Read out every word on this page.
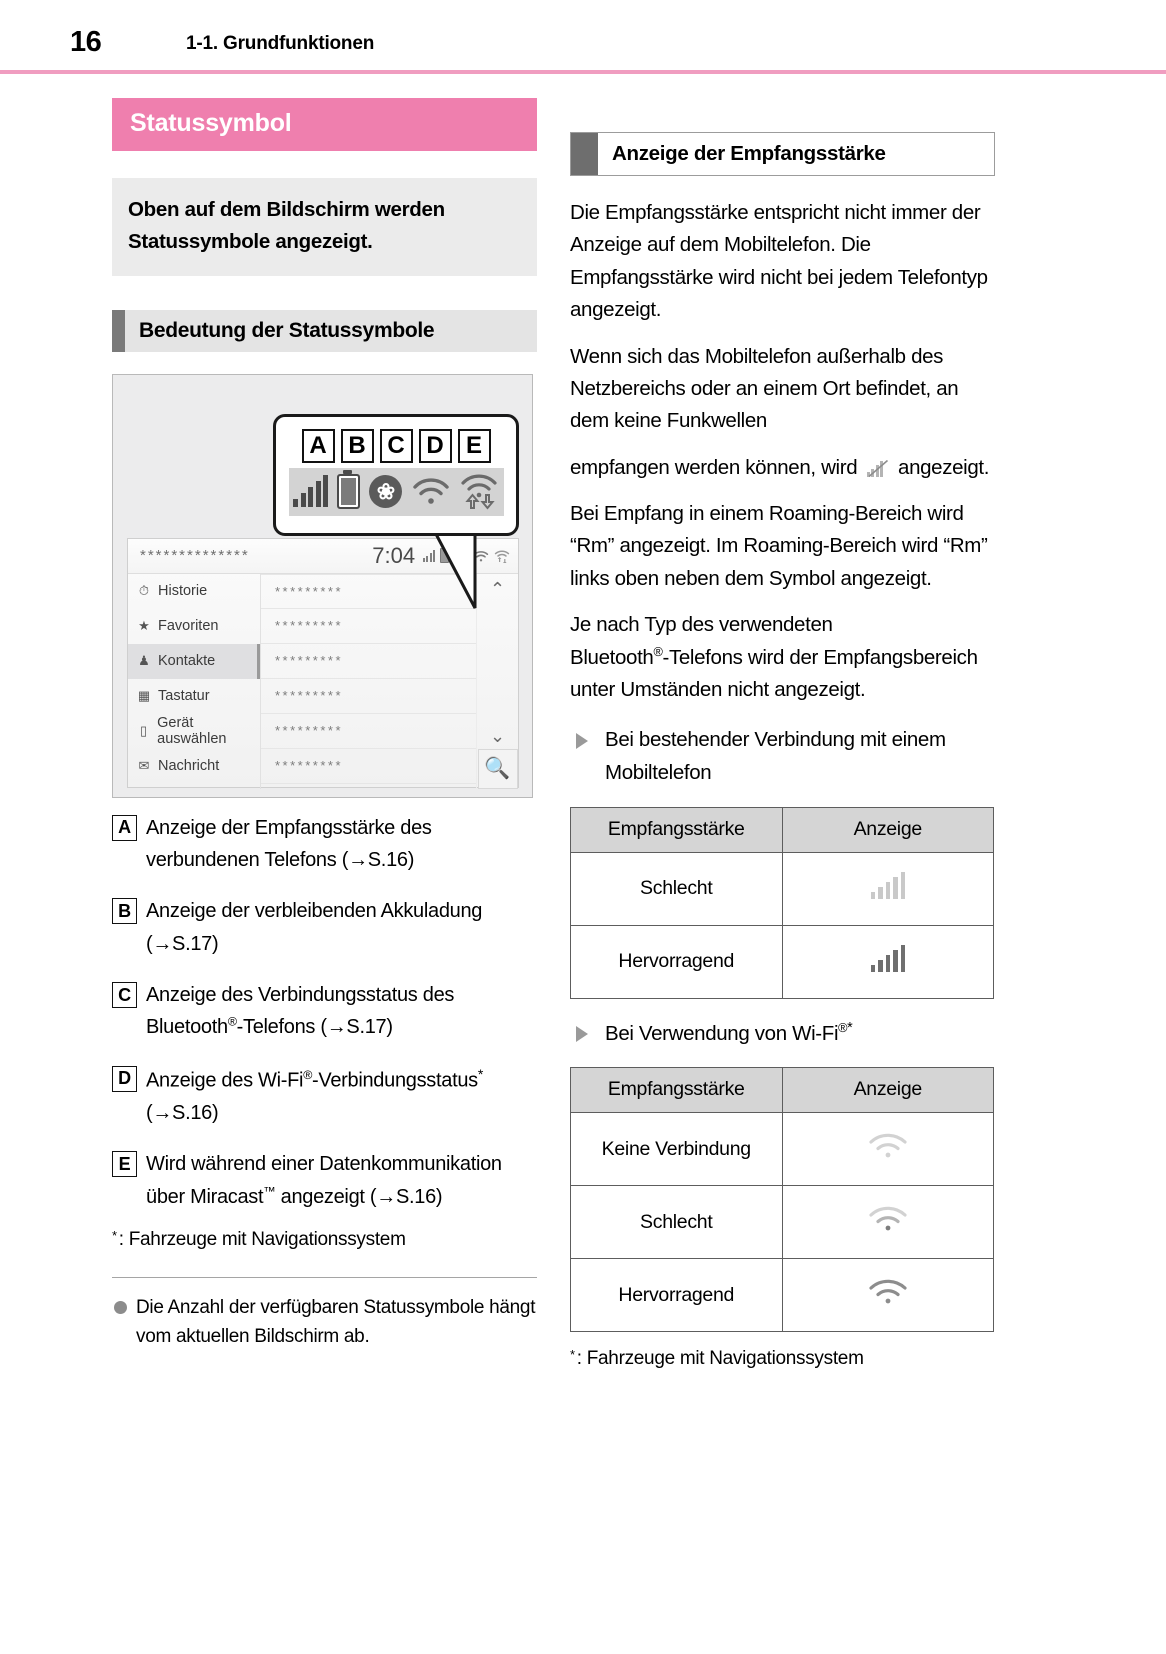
16	1-1. Grundfunktionen
Statussymbol
Oben auf dem Bildschirm werden Statussymbole angezeigt.
Bedeutung der Statussymbole
**************	7:04
⏱ Historie
★ Favoriten
♟ Kontakte
▦ Tastatur
▯ Gerät auswählen
✉ Nachricht
*********
*********
*********
*********
*********
*********
⌃
⌄
🔍
A B C D E
❀
A Anzeige der Empfangsstärke des verbundenen Telefons (→S.16)
B Anzeige der verbleibenden Akkuladung (→S.17)
C Anzeige des Verbindungsstatus des Bluetooth®-Telefons (→S.17)
D Anzeige des Wi-Fi®-Verbindungsstatus* (→S.16)
E Wird während einer Datenkommunikation über Miracast™ angezeigt (→S.16)
* : Fahrzeuge mit Navigationssystem
Die Anzahl der verfügbaren Statussymbole hängt vom aktuellen Bildschirm ab.
Anzeige der Empfangsstärke
Die Empfangsstärke entspricht nicht immer der Anzeige auf dem Mobiltelefon. Die Empfangsstärke wird nicht bei jedem Telefontyp angezeigt.
Wenn sich das Mobiltelefon außerhalb des Netzbereichs oder an einem Ort befindet, an dem keine Funkwellen
empfangen werden können, wird angezeigt.
Bei Empfang in einem Roaming-Bereich wird “Rm” angezeigt. Im Roaming-Bereich wird “Rm” links oben neben dem Symbol angezeigt.
Je nach Typ des verwendeten
Bluetooth®-Telefons wird der Empfangsbereich unter Umständen nicht angezeigt.
Bei bestehender Verbindung mit einem Mobiltelefon
Empfangsstärke	Anzeige
Schlecht	

Hervorragend	
Bei Verwendung von Wi-Fi®*
Empfangsstärke	Anzeige
Keine Verbindung	
Schlecht	
Hervorragend	
* : Fahrzeuge mit Navigationssystem
